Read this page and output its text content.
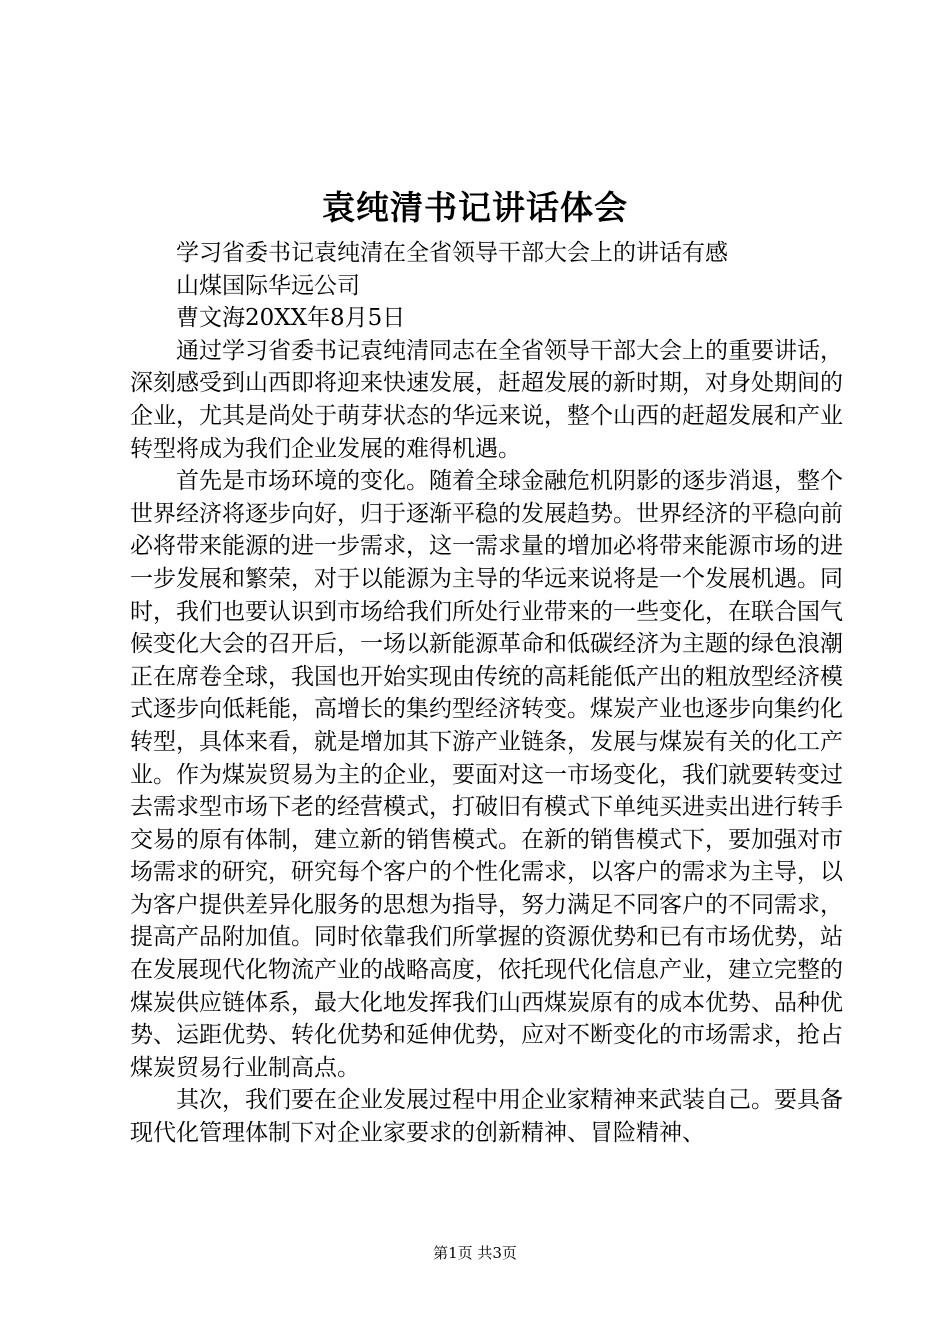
袁纯清书记讲话体会

学习省委书记袁纯清在全省领导干部大会上的讲话有感

山煤国际华远公司

曹文海20XX年8月5日

通过学习省委书记袁纯清同志在全省领导干部大会上的重要讲话，深刻感受到山西即将迎来快速发展，赶超发展的新时期，对身处期间的企业，尤其是尚处于萌芽状态的华远来说，整个山西的赶超发展和产业转型将成为我们企业发展的难得机遇。

首先是市场环境的变化。随着全球金融危机阴影的逐步消退，整个世界经济将逐步向好，归于逐渐平稳的发展趋势。世界经济的平稳向前必将带来能源的进一步需求，这一需求量的增加必将带来能源市场的进一步发展和繁荣，对于以能源为主导的华远来说将是一个发展机遇。同时，我们也要认识到市场给我们所处行业带来的一些变化，在联合国气候变化大会的召开后，一场以新能源革命和低碳经济为主题的绿色浪潮正在席卷全球，我国也开始实现由传统的高耗能低产出的粗放型经济模式逐步向低耗能，高增长的集约型经济转变。煤炭产业也逐步向集约化转型，具体来看，就是增加其下游产业链条，发展与煤炭有关的化工产业。作为煤炭贸易为主的企业，要面对这一市场变化，我们就要转变过去需求型市场下老的经营模式，打破旧有模式下单纯买进卖出进行转手交易的原有体制，建立新的销售模式。在新的销售模式下，要加强对市场需求的研究，研究每个客户的个性化需求，以客户的需求为主导，以为客户提供差异化服务的思想为指导，努力满足不同客户的不同需求，提高产品附加值。同时依靠我们所掌握的资源优势和已有市场优势，站在发展现代化物流产业的战略高度，依托现代化信息产业，建立完整的煤炭供应链体系，最大化地发挥我们山西煤炭原有的成本优势、品种优势、运距优势、转化优势和延伸优势，应对不断变化的市场需求，抢占煤炭贸易行业制高点。

其次，我们要在企业发展过程中用企业家精神来武装自己。要具备现代化管理体制下对企业家要求的创新精神、冒险精神、

第1页 共3页
